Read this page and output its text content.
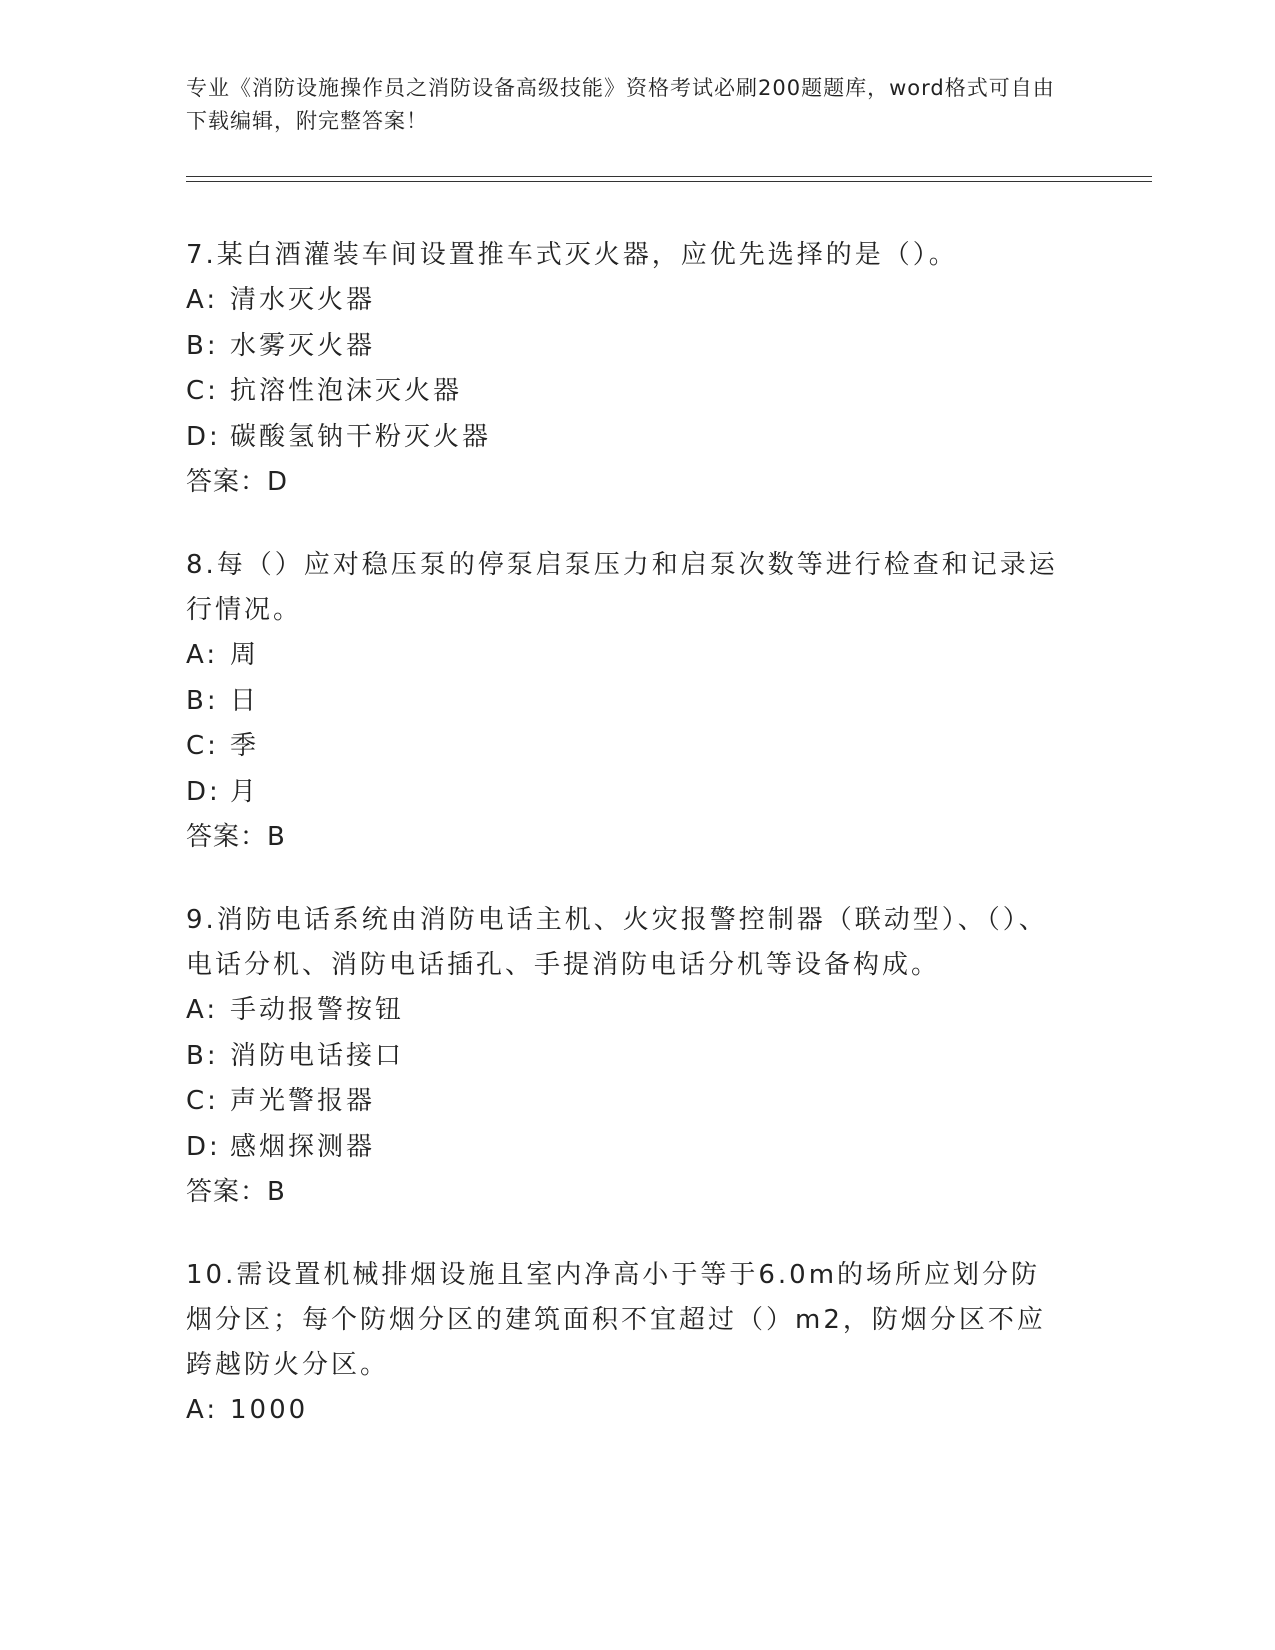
专业《消防设施操作员之消防设备高级技能》资格考试必刷200题题库，word格式可自由下载编辑，附完整答案！

7.某白酒灌装车间设置推车式灭火器，应优先选择的是（）。

A: 清水灭火器

B: 水雾灭火器

C: 抗溶性泡沫灭火器

D: 碳酸氢钠干粉灭火器

答案：D

8.每（）应对稳压泵的停泵启泵压力和启泵次数等进行检查和记录运行情况。

A: 周

B: 日

C: 季

D: 月

答案：B

9.消防电话系统由消防电话主机、火灾报警控制器（联动型）、（）、电话分机、消防电话插孔、手提消防电话分机等设备构成。

A: 手动报警按钮

B: 消防电话接口

C: 声光警报器

D: 感烟探测器

答案：B

10.需设置机械排烟设施且室内净高小于等于6.0m的场所应划分防烟分区；每个防烟分区的建筑面积不宜超过（）m2，防烟分区不应跨越防火分区。

A: 1000
